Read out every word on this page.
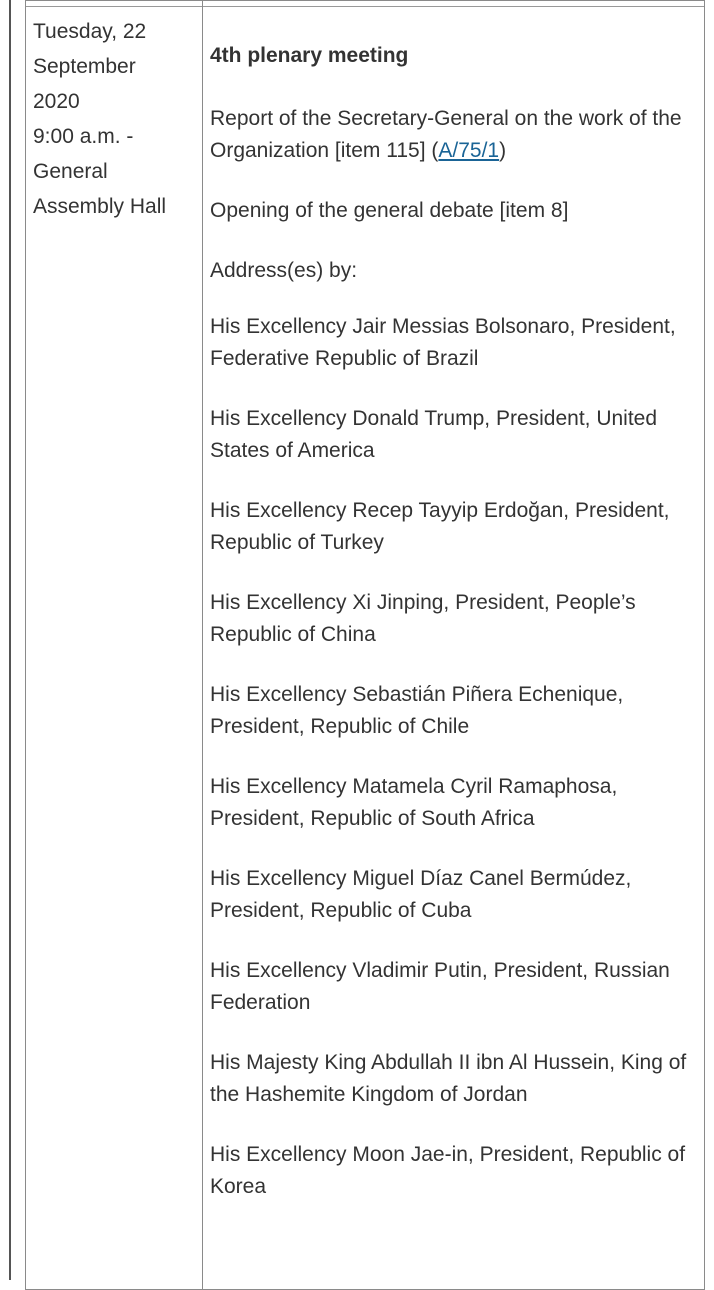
Tuesday, 22
September
2020
9:00 a.m. -
General
Assembly Hall

4th plenary meeting
Report of the Secretary-General on the work of the Organization [item 115] (A/75/1)
Opening of the general debate [item 8]
Address(es) by:
His Excellency Jair Messias Bolsonaro, President, Federative Republic of Brazil
His Excellency Donald Trump, President, United States of America
His Excellency Recep Tayyip Erdoğan, President, Republic of Turkey
His Excellency Xi Jinping, President, People’s Republic of China
His Excellency Sebastián Piñera Echenique, President, Republic of Chile
His Excellency Matamela Cyril Ramaphosa, President, Republic of South Africa
His Excellency Miguel Díaz Canel Bermúdez, President, Republic of Cuba
His Excellency Vladimir Putin, President, Russian Federation
His Majesty King Abdullah II ibn Al Hussein, King of the Hashemite Kingdom of Jordan
His Excellency Moon Jae-in, President, Republic of Korea
